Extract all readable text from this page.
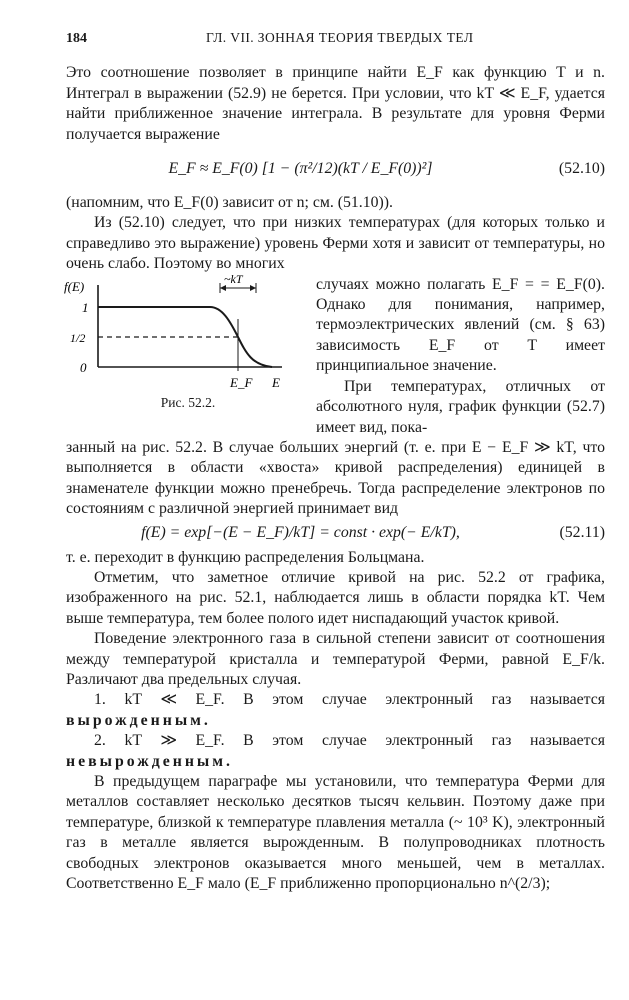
184	ГЛ. VII. ЗОННАЯ ТЕОРИЯ ТВЕРДЫХ ТЕЛ

Это соотношение позволяет в принципе найти E_F как функцию T и n. Интеграл в выражении (52.9) не берется. При условии, что kT ≪ E_F, удается найти приближенное значение интеграла. В результате для уровня Ферми получается выражение

E_F ≈ E_F(0) [1 − (π²/12)(kT / E_F(0))²]	(52.10)

(напомним, что E_F(0) зависит от n; см. (51.10)).

Из (52.10) следует, что при низких температурах (для которых только и справедливо это выражение) уровень Ферми хотя и зависит от температуры, но очень слабо. Поэтому во многих

f(E)
1
1/2
0
E_F E
~kT
Рис. 52.2.

случаях можно полагать E_F = = E_F(0). Однако для понимания, например, термоэлектрических явлений (см. § 63) зависимость E_F от T имеет принципиальное значение.

При температурах, отличных от абсолютного нуля, график функции (52.7) имеет вид, пока-

занный на рис. 52.2. В случае больших энергий (т. е. при E − E_F ≫ kT, что выполняется в области «хвоста» кривой распределения) единицей в знаменателе функции можно пренебречь. Тогда распределение электронов по состояниям с различной энергией принимает вид

f(E) = exp[−(E − E_F)/kT] = const · exp(− E/kT),	(52.11)

т. е. переходит в функцию распределения Больцмана.

Отметим, что заметное отличие кривой на рис. 52.2 от графика, изображенного на рис. 52.1, наблюдается лишь в области порядка kT. Чем выше температура, тем более полого идет ниспадающий участок кривой.

Поведение электронного газа в сильной степени зависит от соотношения между температурой кристалла и температурой Ферми, равной E_F/k. Различают два предельных случая.

1. kT ≪ E_F. В этом случае электронный газ называется вырожденным.

2. kT ≫ E_F. В этом случае электронный газ называется невырожденным.

В предыдущем параграфе мы установили, что температура Ферми для металлов составляет несколько десятков тысяч кельвин. Поэтому даже при температуре, близкой к температуре плавления металла (~ 10³ K), электронный газ в металле является вырожденным. В полупроводниках плотность свободных электронов оказывается много меньшей, чем в металлах. Соответственно E_F мало (E_F приближенно пропорционально n^(2/3);
